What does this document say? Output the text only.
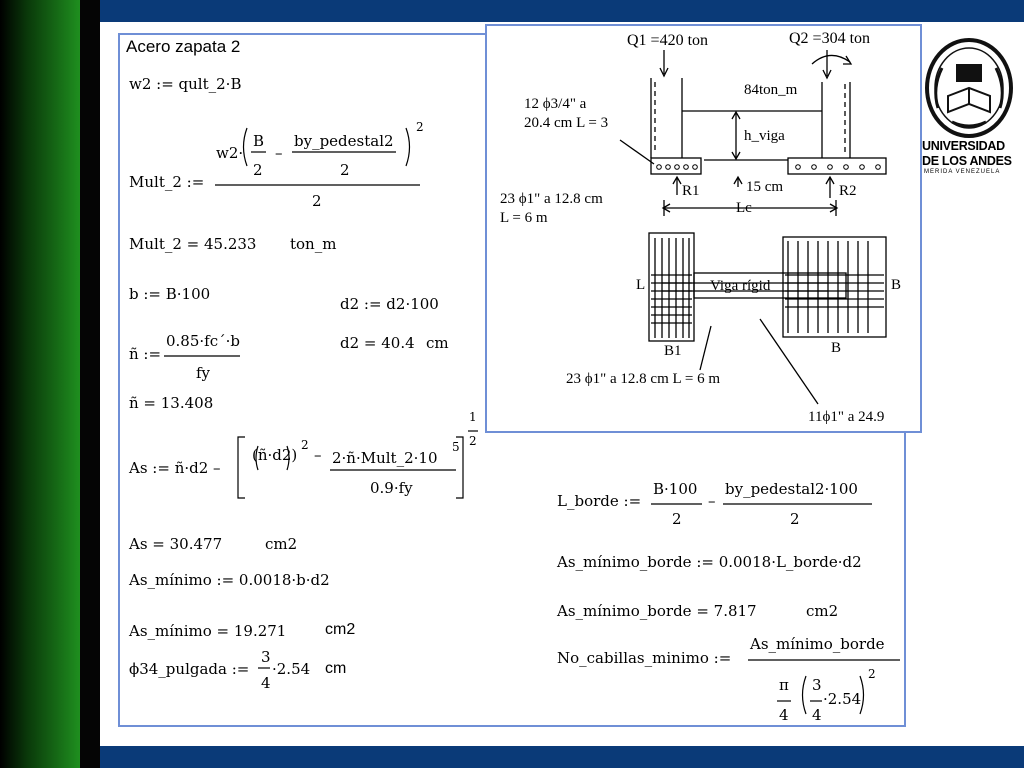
Acero zapata 2
w2 := qult_2·B
Mult_2 :=
w2·
B
2
–
by_pedestal2
2
2
2
Mult_2 = 45.233 ton_m
b := B·100
d2 := d2·100
d2 = 40.4 cm
ñ :=
0.85·fc´·b
fy
ñ = 13.408
As := ñ·d2 –
(ñ·d2)
2
– 2·ñ·Mult_2·10
5
0.9·fy
1
2
As = 30.477	cm2
As_mínimo := 0.0018·b·d2
As_mínimo = 19.271 cm2
ϕ34_pulgada :=
3
4
·2.54 cm
L_borde :=
B·100
2
–
by_pedestal2·100
2
As_mínimo_borde := 0.0018·L_borde·d2
As_mínimo_borde = 7.817	cm2
No_cabillas_minimo :=
As_mínimo_borde
π
4
3
4
·2.54
2
Q1 =420 ton	Q2 =304 ton
84ton_m
12 ϕ3/4" a
20.4 cm L = 3
h_viga
R1	R2
15 cm
Lc
23 ϕ1" a 12.8 cm
L = 6 m
L	Viga rígid	B
B1	B
23 ϕ1" a 12.8 cm L = 6 m
11ϕ1" a 24.9
UNIVERSIDAD
DE LOS ANDES
MERIDA VENEZUELA
